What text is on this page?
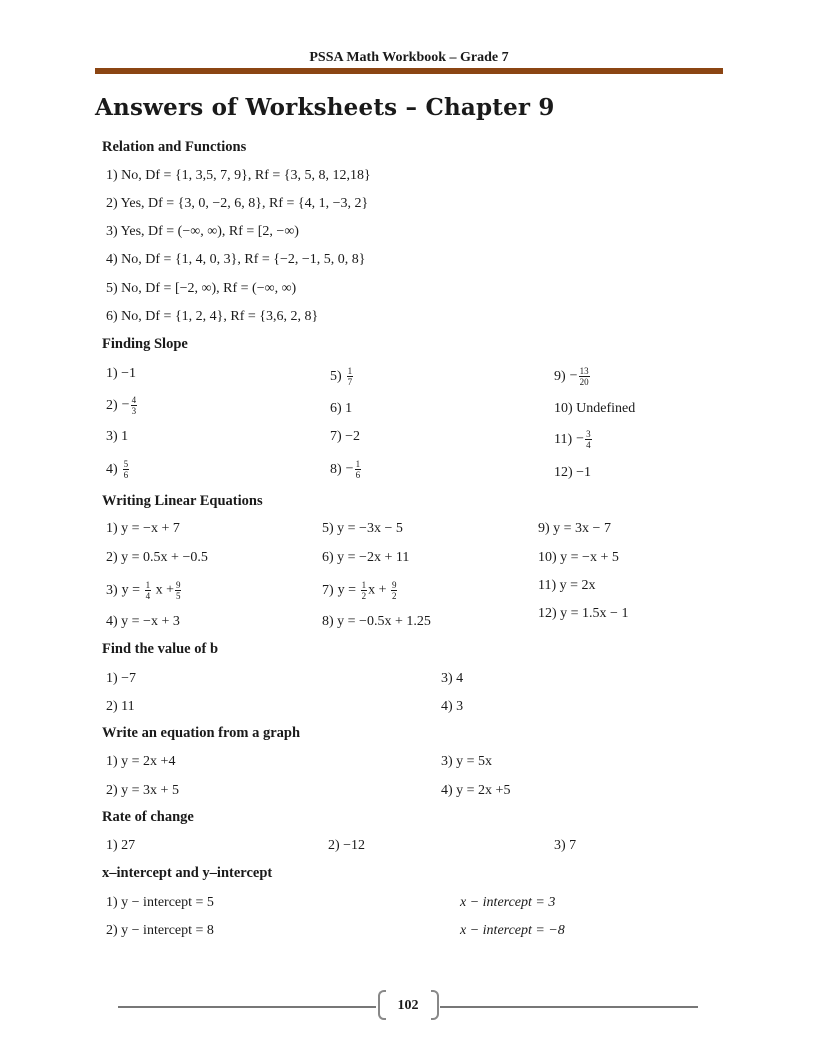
PSSA Math Workbook – Grade 7
Answers of Worksheets – Chapter 9
Relation and Functions
1) No, Df = {1, 3,5, 7, 9}, Rf = {3, 5, 8, 12,18}
2) Yes, Df = {3, 0, −2, 6, 8}, Rf = {4, 1, −3, 2}
3) Yes, Df = (−∞, ∞), Rf = [2, −∞)
4) No, Df = {1, 4, 0, 3}, Rf = {−2, −1, 5, 0, 8}
5) No, Df = [−2, ∞), Rf = (−∞, ∞)
6) No, Df = {1, 2, 4}, Rf = {3,6, 2, 8}
Finding Slope
1) −1
$2) - \frac{4}{3}$
3) 1
$4) \frac{5}{6}$
$5) \frac{1}{7}$
6) 1
7) −2
$8) - \frac{1}{6}$
$9) - \frac{13}{20}$
10) Undefined
$11) - \frac{3}{4}$
12) −1
Writing Linear Equations
1) y = −x + 7
2) y = 0.5x + −0.5
3) $y = \frac{1}{4}$ $x + \frac{9}{5}$
4) y = −x + 3
5) y = −3x − 5
6) y = −2x + 11
7) $y = \frac{1}{2}$ $x + \frac{9}{2}$
8) y = −0.5x + 1.25
9) y = 3x − 7
10) y = −x + 5
11) y = 2x
12) y = 1.5x − 1
Find the value of b
1) −7	3) 4
2) 11	4) 3
Write an equation from a graph
1) y = 2x +4	3) y = 5x
2) y = 3x + 5	4) y = 2x +5
Rate of change
1) 27	2) −12	3) 7
x–intercept and y–intercept
1) y − intercept = 5	x − intercept = 3
2) y − intercept = 8	x − intercept = −8
102
